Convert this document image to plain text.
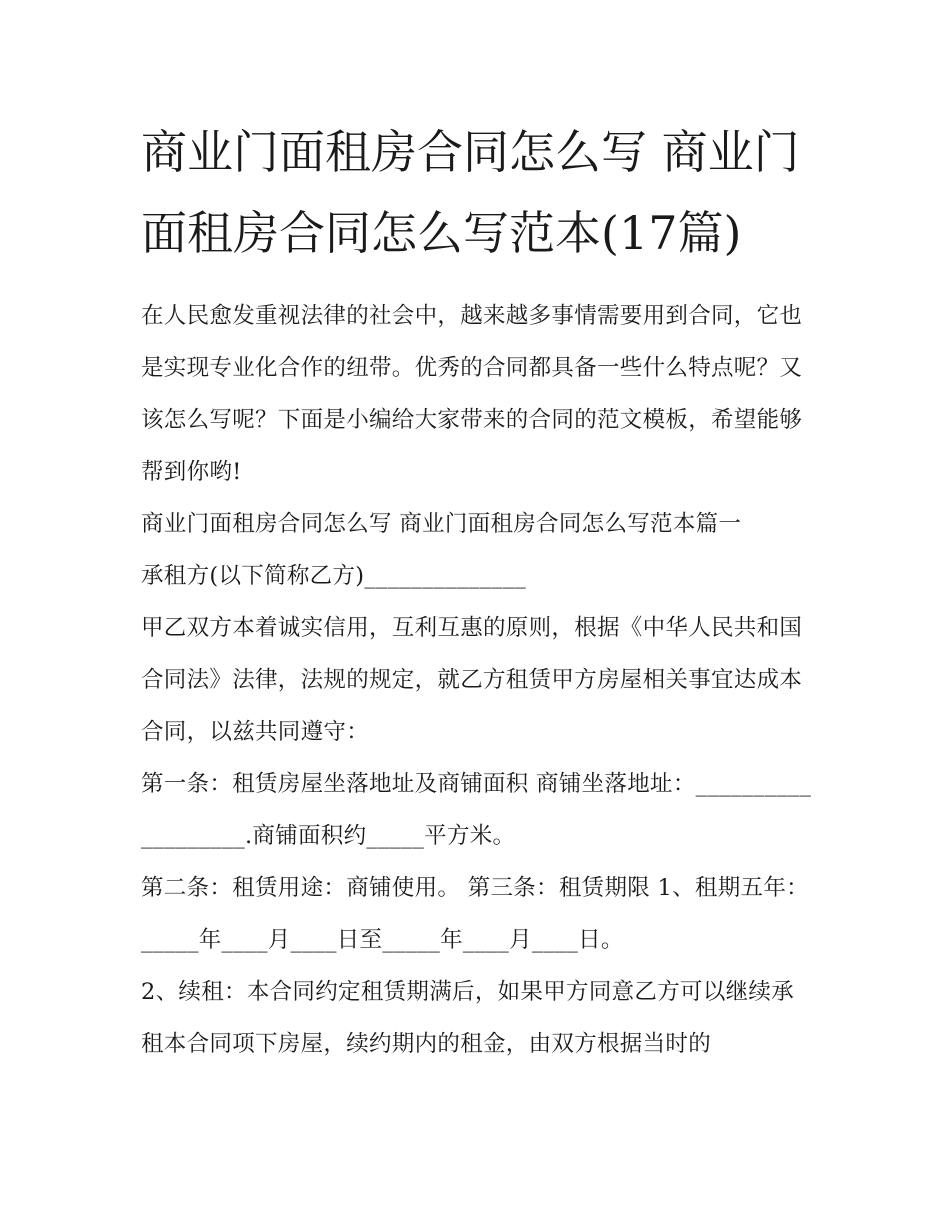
商业门面租房合同怎么写 商业门面租房合同怎么写范本(17篇)

在人民愈发重视法律的社会中，越来越多事情需要用到合同，它也是实现专业化合作的纽带。优秀的合同都具备一些什么特点呢？又该怎么写呢？下面是小编给大家带来的合同的范文模板，希望能够帮到你哟!

商业门面租房合同怎么写 商业门面租房合同怎么写范本篇一

承租方(以下简称乙方)______________

甲乙双方本着诚实信用，互利互惠的原则，根据《中华人民共和国合同法》法律，法规的规定，就乙方租赁甲方房屋相关事宜达成本合同，以兹共同遵守：

第一条：租赁房屋坐落地址及商铺面积 商铺坐落地址：___________________.商铺面积约_____平方米。

第二条：租赁用途：商铺使用。 第三条：租赁期限 1、租期五年：_____年____月____日至_____年____月____日。

2、续租：本合同约定租赁期满后，如果甲方同意乙方可以继续承租本合同项下房屋，续约期内的租金，由双方根据当时的
